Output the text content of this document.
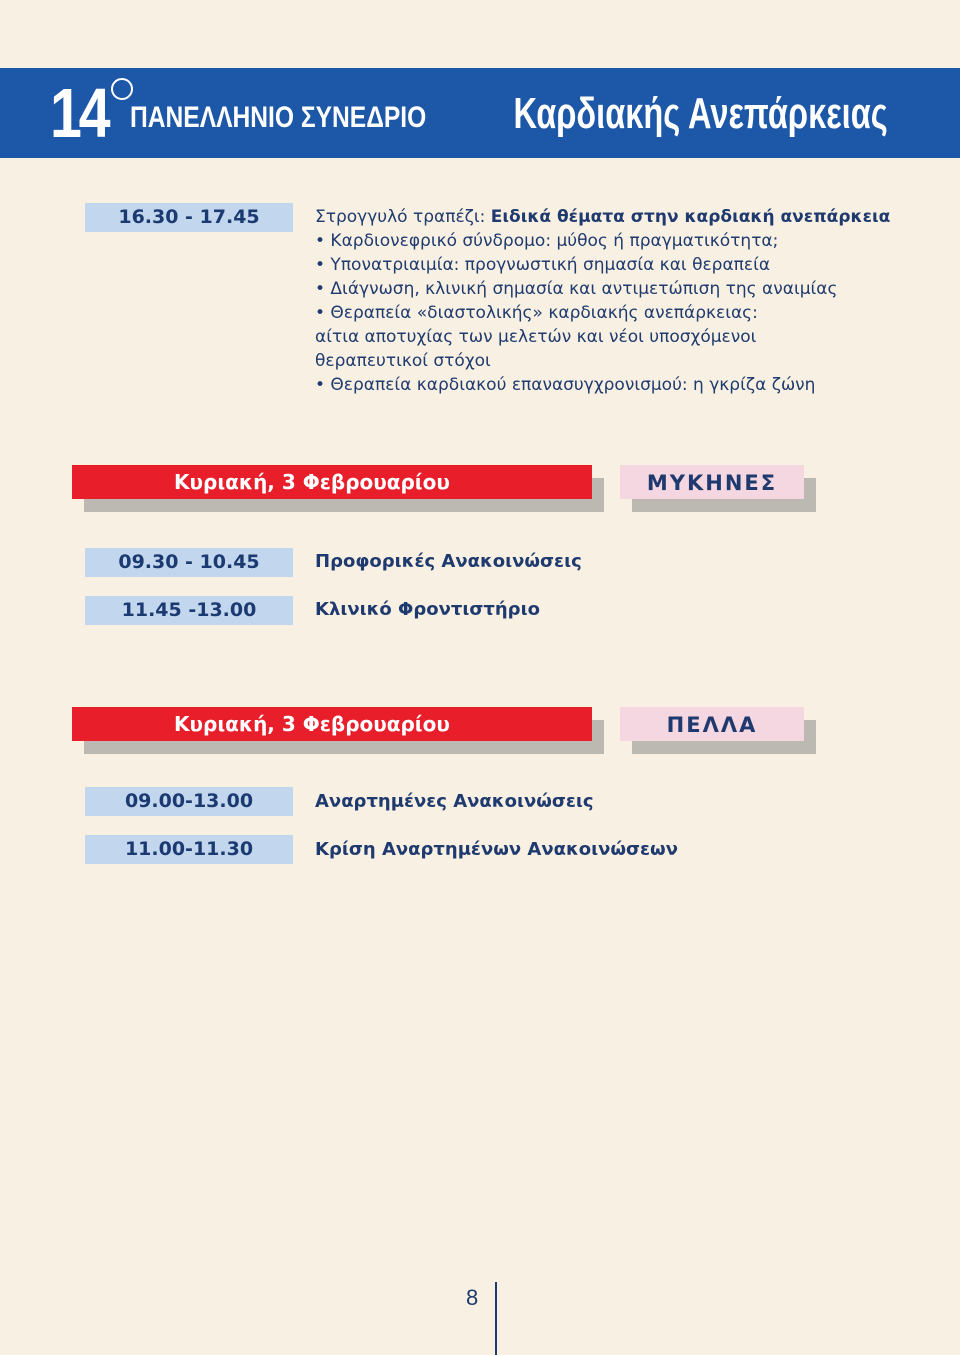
14 ΠΑΝΕΛΛΗΝΙΟ ΣΥΝΕΔΡΙΟ Καρδιακής Ανεπάρκειας
16.30 - 17.45	Στρογγυλό τραπέζι: Ειδικά θέματα στην καρδιακή ανεπάρκεια
• Καρδιονεφρικό σύνδρομο: μύθος ή πραγματικότητα;
• Υπονατριαιμία: προγνωστική σημασία και θεραπεία
• Διάγνωση, κλινική σημασία και αντιμετώπιση της αναιμίας
• Θεραπεία «διαστολικής» καρδιακής ανεπάρκειας:
αίτια αποτυχίας των μελετών και νέοι υποσχόμενοι
θεραπευτικοί στόχοι
• Θεραπεία καρδιακού επανασυγχρονισμού: η γκρίζα ζώνη
Κυριακή, 3 Φεβρουαρίου	ΜΥΚΗΝΕΣ
09.30 - 10.45	Προφορικές Ανακοινώσεις
11.45 -13.00	Κλινικό Φροντιστήριο
Κυριακή, 3 Φεβρουαρίου	ΠΕΛΛΑ
09.00-13.00	Αναρτημένες Ανακοινώσεις
11.00-11.30	Κρίση Αναρτημένων Ανακοινώσεων
8
